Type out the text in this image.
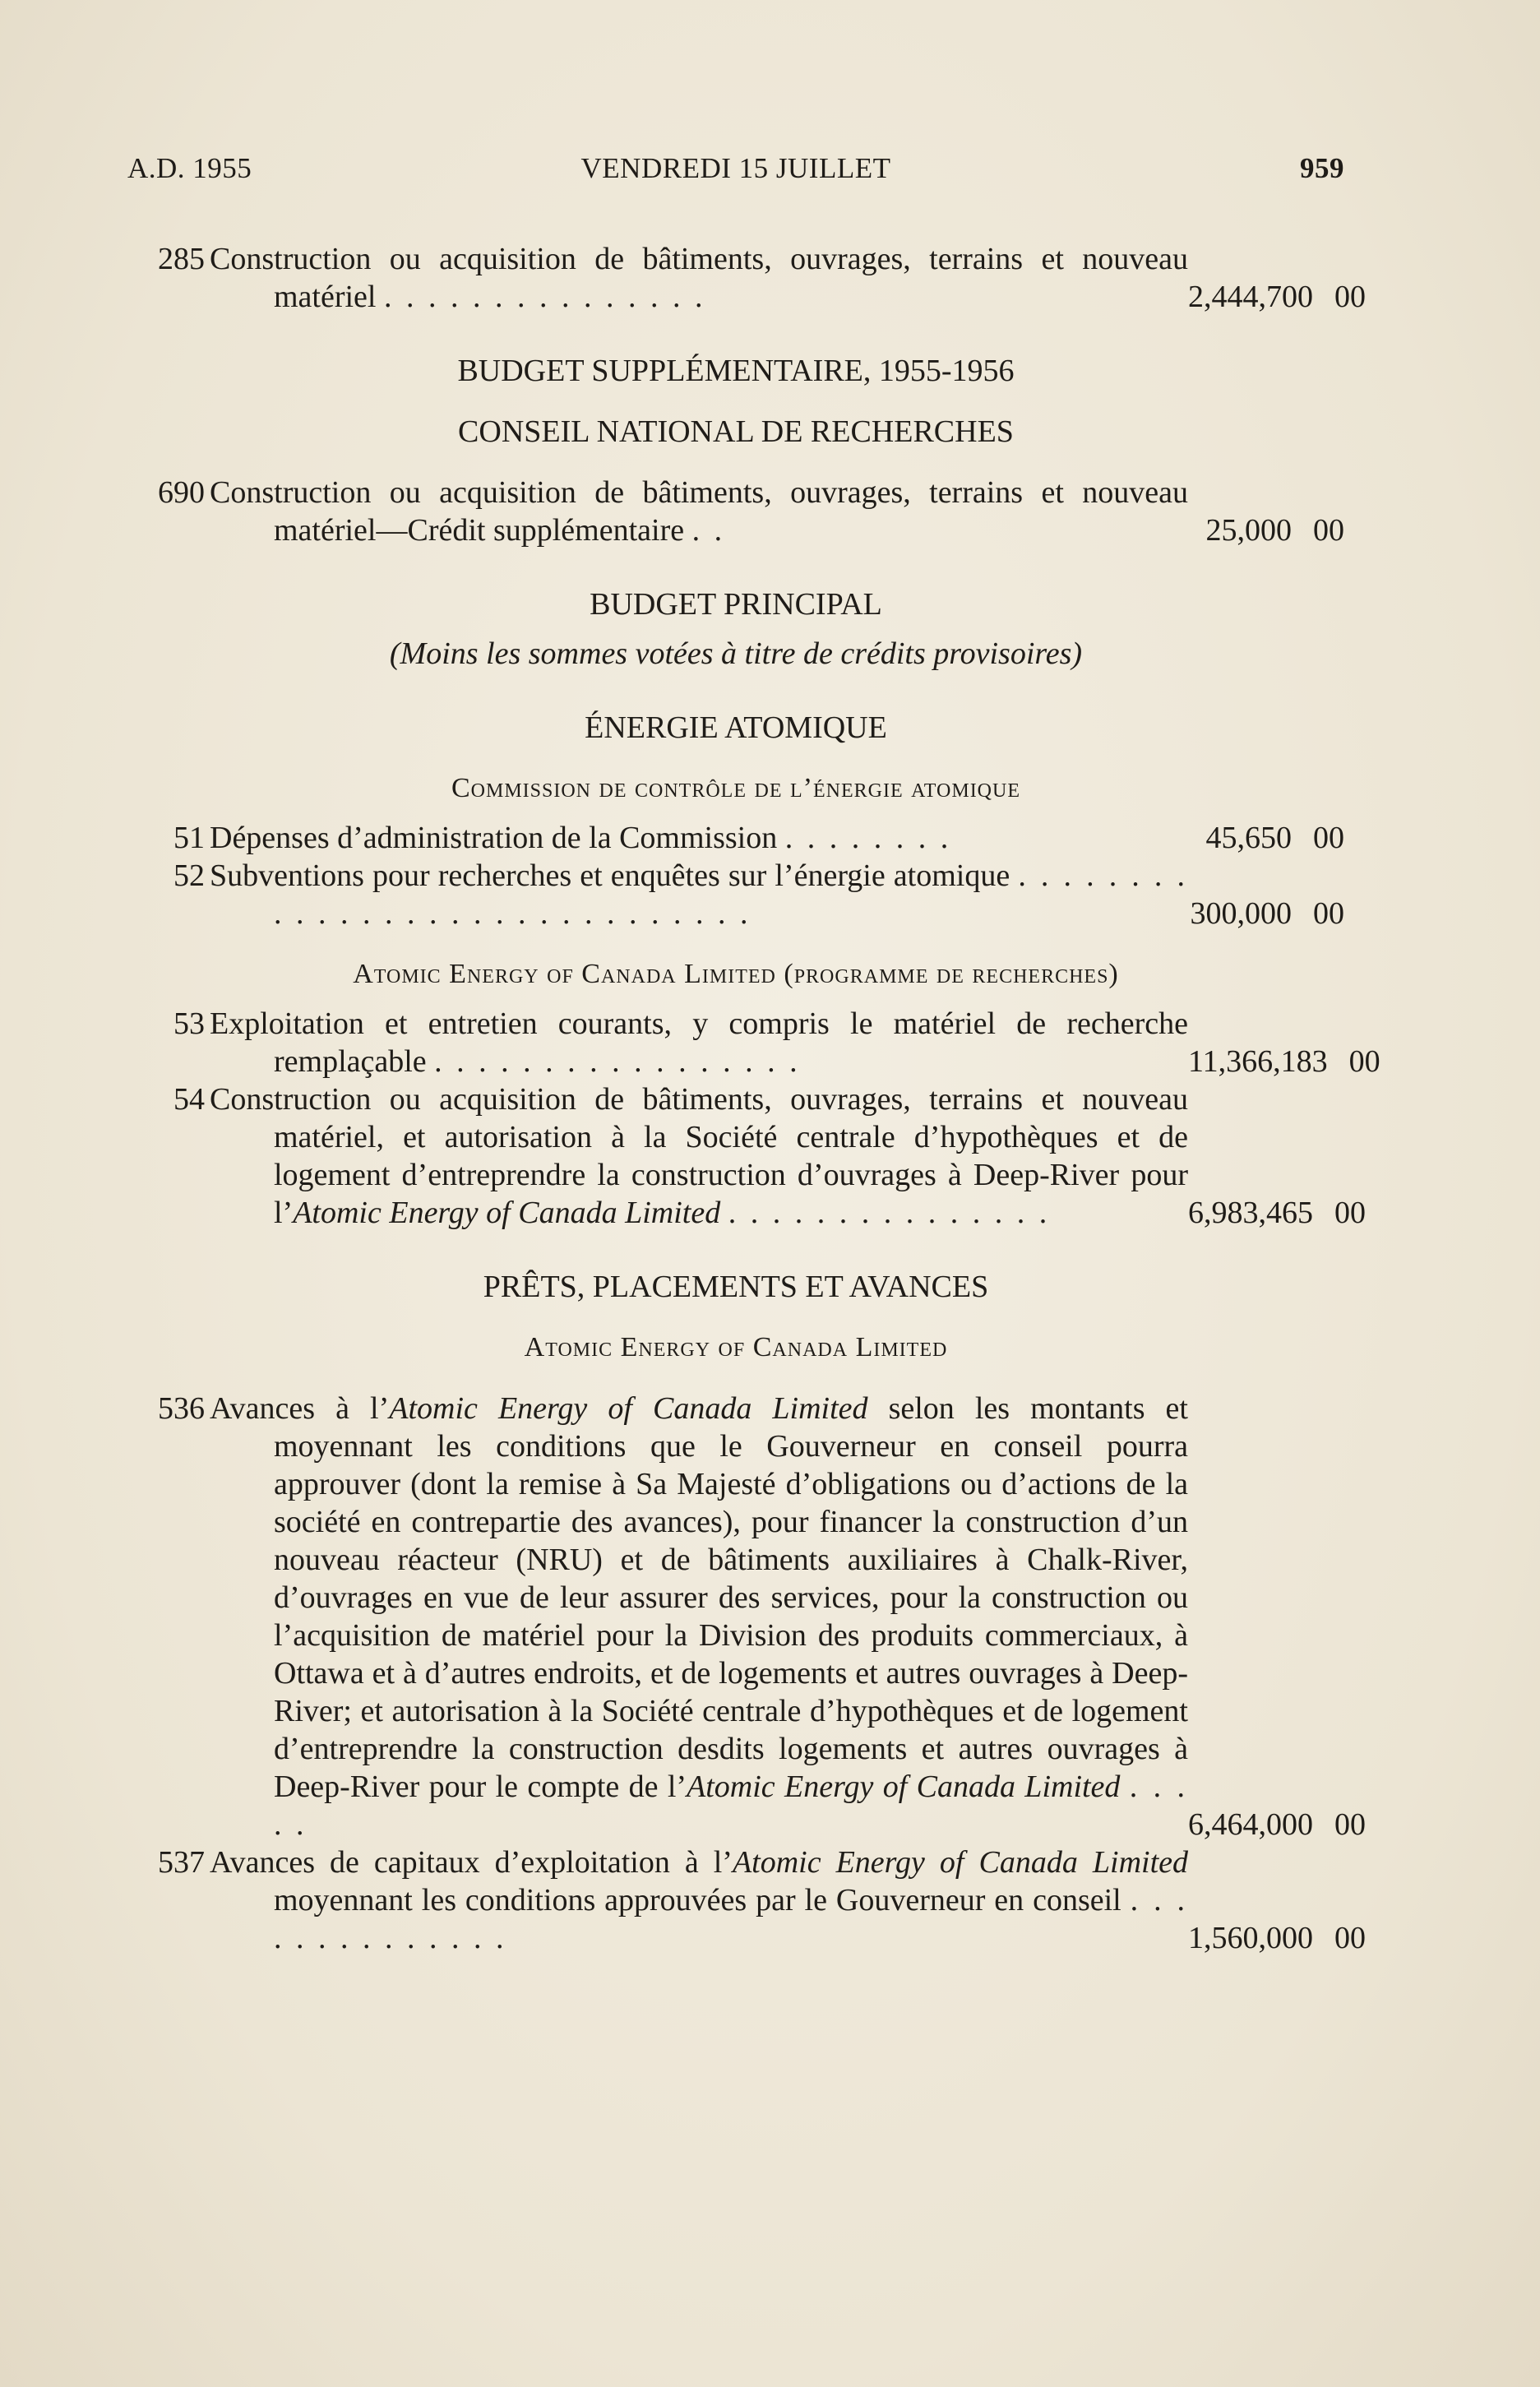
A.D. 1955	VENDREDI 15 JUILLET	959
285 Construction ou acquisition de bâtiments, ouvrages, terrains et nouveau matériel . . . . . . . . . . . . . . .	2,444,700 00

BUDGET SUPPLÉMENTAIRE, 1955-1956

CONSEIL NATIONAL DE RECHERCHES

690 Construction ou acquisition de bâtiments, ouvrages, terrains et nouveau matériel—Crédit supplémentaire . .	25,000 00

BUDGET PRINCIPAL

(Moins les sommes votées à titre de crédits provisoires)

ÉNERGIE ATOMIQUE

Commission de contrôle de l’énergie atomique

51 Dépenses d’administration de la Commission . . . . . . . .	45,650 00
52 Subventions pour recherches et enquêtes sur l’énergie atomique . . . . . . . . . . . . . . . . . . . . . . . . . . . . . .	300,000 00

Atomic Energy of Canada Limited (programme de recherches)

53 Exploitation et entretien courants, y compris le matériel de recherche remplaçable . . . . . . . . . . . . . . . . .	11,366,183 00
54 Construction ou acquisition de bâtiments, ouvrages, terrains et nouveau matériel, et autorisation à la Société centrale d’hypothèques et de logement d’entreprendre la construction d’ouvrages à Deep-River pour l’Atomic Energy of Canada Limited . . . . . . . . . . . . . . .	6,983,465 00

PRÊTS, PLACEMENTS ET AVANCES

Atomic Energy of Canada Limited

536 Avances à l’Atomic Energy of Canada Limited selon les montants et moyennant les conditions que le Gouverneur en conseil pourra approuver (dont la remise à Sa Majesté d’obligations ou d’actions de la société en contrepartie des avances), pour financer la construction d’un nouveau réacteur (NRU) et de bâtiments auxiliaires à Chalk-River, d’ouvrages en vue de leur assurer des services, pour la construction ou l’acquisition de matériel pour la Division des produits commerciaux, à Ottawa et à d’autres endroits, et de logements et autres ouvrages à Deep-River; et autorisation à la Société centrale d’hypothèques et de logement d’entreprendre la construction desdits logements et autres ouvrages à Deep-River pour le compte de l’Atomic Energy of Canada Limited . . . . .	6,464,000 00
537 Avances de capitaux d’exploitation à l’Atomic Energy of Canada Limited moyennant les conditions approuvées par le Gouverneur en conseil . . . . . . . . . . . . . .	1,560,000 00
